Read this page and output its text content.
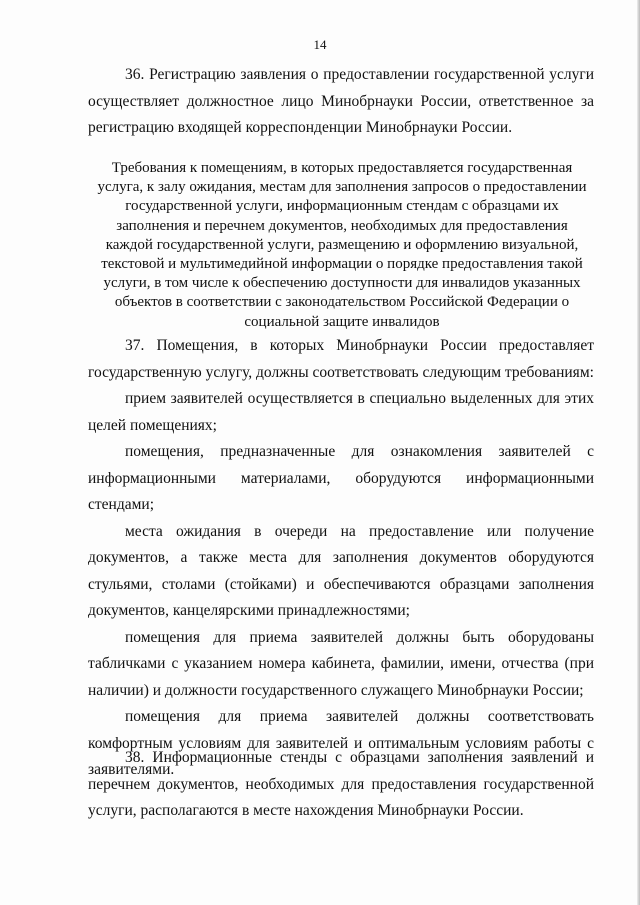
14

36. Регистрацию заявления о предоставлении государственной услуги осуществляет должностное лицо Минобрнауки России, ответственное за регистрацию входящей корреспонденции Минобрнауки России.

Требования к помещениям, в которых предоставляется государственная услуга, к залу ожидания, местам для заполнения запросов о предоставлении государственной услуги, информационным стендам с образцами их заполнения и перечнем документов, необходимых для предоставления каждой государственной услуги, размещению и оформлению визуальной, текстовой и мультимедийной информации о порядке предоставления такой услуги, в том числе к обеспечению доступности для инвалидов указанных объектов в соответствии с законодательством Российской Федерации о социальной защите инвалидов

37. Помещения, в которых Минобрнауки России предоставляет государственную услугу, должны соответствовать следующим требованиям:

прием заявителей осуществляется в специально выделенных для этих целей помещениях;

помещения, предназначенные для ознакомления заявителей с информационными материалами, оборудуются информационными стендами;

места ожидания в очереди на предоставление или получение документов, а также места для заполнения документов оборудуются стульями, столами (стойками) и обеспечиваются образцами заполнения документов, канцелярскими принадлежностями;

помещения для приема заявителей должны быть оборудованы табличками с указанием номера кабинета, фамилии, имени, отчества (при наличии) и должности государственного служащего Минобрнауки России;

помещения для приема заявителей должны соответствовать комфортным условиям для заявителей и оптимальным условиям работы с заявителями.

38. Информационные стенды с образцами заполнения заявлений и перечнем документов, необходимых для предоставления государственной услуги, располагаются в месте нахождения Минобрнауки России.
